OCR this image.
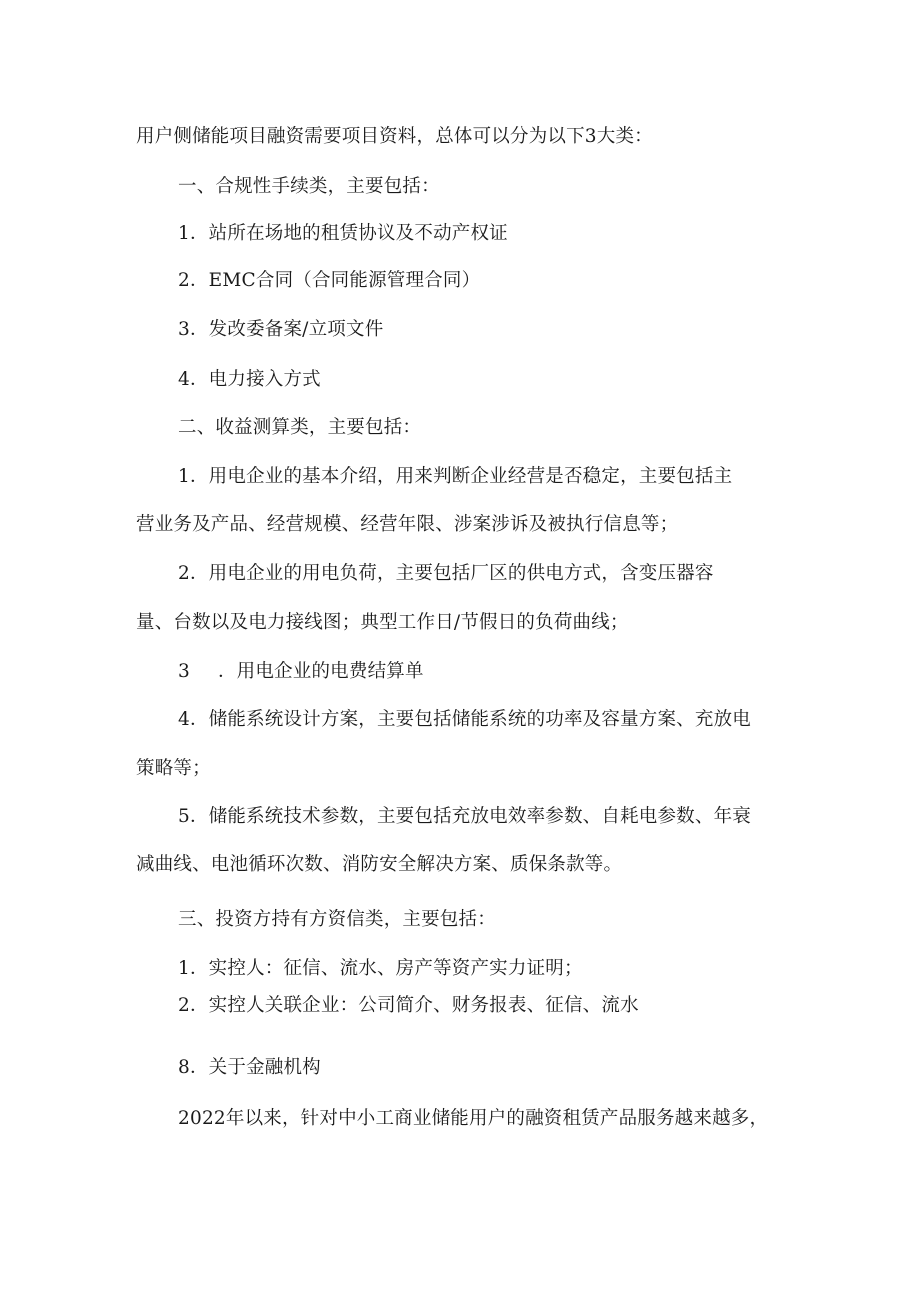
用户侧储能项目融资需要项目资料，总体可以分为以下3大类：
一、合规性手续类，主要包括：
1．站所在场地的租赁协议及不动产权证
2．EMC合同（合同能源管理合同）
3．发改委备案/立项文件
4．电力接入方式
二、收益测算类，主要包括：
1．用电企业的基本介绍，用来判断企业经营是否稳定，主要包括主
营业务及产品、经营规模、经营年限、涉案涉诉及被执行信息等；
2．用电企业的用电负荷，主要包括厂区的供电方式，含变压器容
量、台数以及电力接线图；典型工作日/节假日的负荷曲线；
3 ．用电企业的电费结算单
4．储能系统设计方案，主要包括储能系统的功率及容量方案、充放电
策略等；
5．储能系统技术参数，主要包括充放电效率参数、自耗电参数、年衰
减曲线、电池循环次数、消防安全解决方案、质保条款等。
三、投资方持有方资信类，主要包括：
1．实控人：征信、流水、房产等资产实力证明；
2．实控人关联企业：公司简介、财务报表、征信、流水
8．关于金融机构
2022年以来，针对中小工商业储能用户的融资租赁产品服务越来越多，
